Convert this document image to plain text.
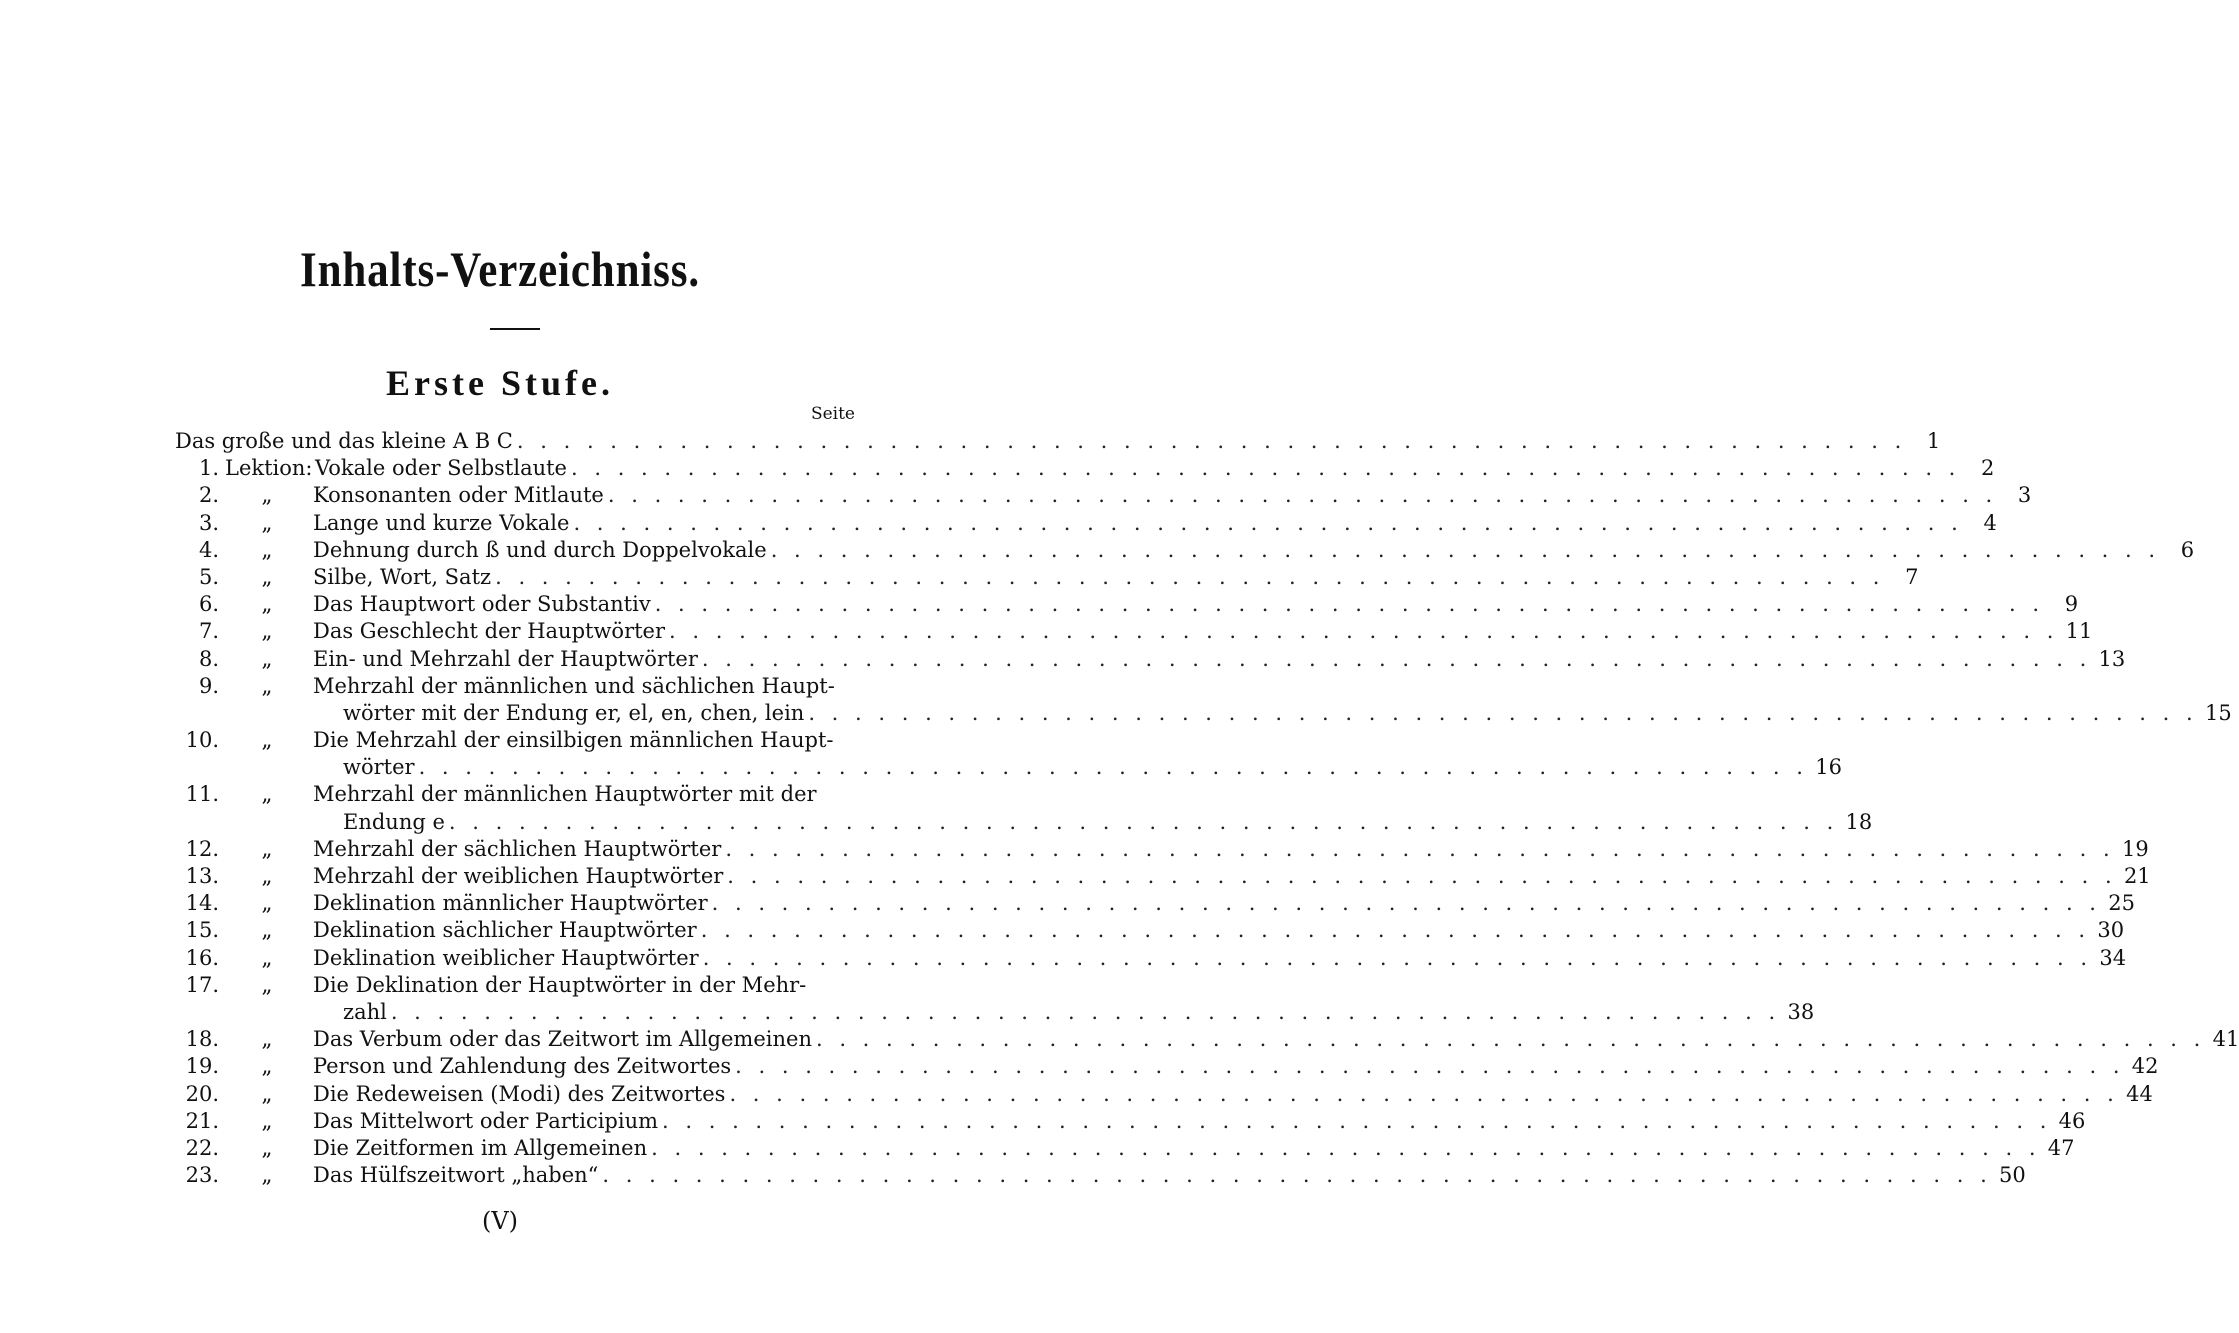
Inhalts-Verzeichniss.
Erste Stufe.
Seite
Das große und das kleine A B C . . . . . . . . . . . . . . . . . . . . . . . . . . . . . . . . . . . . . . . . . . . . . . . . . . . . . . . . . . . . 1
1. Lektion: Vokale oder Selbstlaute . . . . . . . . . . . . . . . . . . . . . . . . . . . . . . . . . . . . . . . . . . . . . . . . . . . . . . . . . . . . 2
2. „ Konsonanten oder Mitlaute . . . . . . . . . . . . . . . . . . . . . . . . . . . . . . . . . . . . . . . . . . . . . . . . . . . . . . . . . . . . 3
3. „ Lange und kurze Vokale . . . . . . . . . . . . . . . . . . . . . . . . . . . . . . . . . . . . . . . . . . . . . . . . . . . . . . . . . . . . 4
4. „ Dehnung durch ß und durch Doppelvokale . . . . . . . . . . . . . . . . . . . . . . . . . . . . . . . . . . . . . . . . . . . . . . . . . . . . . . . . . . . . 6
5. „ Silbe, Wort, Satz . . . . . . . . . . . . . . . . . . . . . . . . . . . . . . . . . . . . . . . . . . . . . . . . . . . . . . . . . . . . 7
6. „ Das Hauptwort oder Substantiv . . . . . . . . . . . . . . . . . . . . . . . . . . . . . . . . . . . . . . . . . . . . . . . . . . . . . . . . . . . . 9
7. „ Das Geschlecht der Hauptwörter . . . . . . . . . . . . . . . . . . . . . . . . . . . . . . . . . . . . . . . . . . . . . . . . . . . . . . . . . . . . 11
8. „ Ein- und Mehrzahl der Hauptwörter . . . . . . . . . . . . . . . . . . . . . . . . . . . . . . . . . . . . . . . . . . . . . . . . . . . . . . . . . . . . 13
9. „ Mehrzahl der männlichen und sächlichen Haupt-
wörter mit der Endung er, el, en, chen, lein . . . . . . . . . . . . . . . . . . . . . . . . . . . . . . . . . . . . . . . . . . . . . . . . . . . . . . . . . . . . 15
10. „ Die Mehrzahl der einsilbigen männlichen Haupt-
wörter . . . . . . . . . . . . . . . . . . . . . . . . . . . . . . . . . . . . . . . . . . . . . . . . . . . . . . . . . . . . 16
11. „ Mehrzahl der männlichen Hauptwörter mit der
Endung e . . . . . . . . . . . . . . . . . . . . . . . . . . . . . . . . . . . . . . . . . . . . . . . . . . . . . . . . . . . . 18
12. „ Mehrzahl der sächlichen Hauptwörter . . . . . . . . . . . . . . . . . . . . . . . . . . . . . . . . . . . . . . . . . . . . . . . . . . . . . . . . . . . . 19
13. „ Mehrzahl der weiblichen Hauptwörter . . . . . . . . . . . . . . . . . . . . . . . . . . . . . . . . . . . . . . . . . . . . . . . . . . . . . . . . . . . . 21
14. „ Deklination männlicher Hauptwörter . . . . . . . . . . . . . . . . . . . . . . . . . . . . . . . . . . . . . . . . . . . . . . . . . . . . . . . . . . . . 25
15. „ Deklination sächlicher Hauptwörter . . . . . . . . . . . . . . . . . . . . . . . . . . . . . . . . . . . . . . . . . . . . . . . . . . . . . . . . . . . . 30
16. „ Deklination weiblicher Hauptwörter . . . . . . . . . . . . . . . . . . . . . . . . . . . . . . . . . . . . . . . . . . . . . . . . . . . . . . . . . . . . 34
17. „ Die Deklination der Hauptwörter in der Mehr-
zahl . . . . . . . . . . . . . . . . . . . . . . . . . . . . . . . . . . . . . . . . . . . . . . . . . . . . . . . . . . . . 38
18. „ Das Verbum oder das Zeitwort im Allgemeinen . . . . . . . . . . . . . . . . . . . . . . . . . . . . . . . . . . . . . . . . . . . . . . . . . . . . . . . . . . . . 41
19. „ Person und Zahlendung des Zeitwortes . . . . . . . . . . . . . . . . . . . . . . . . . . . . . . . . . . . . . . . . . . . . . . . . . . . . . . . . . . . . 42
20. „ Die Redeweisen (Modi) des Zeitwortes . . . . . . . . . . . . . . . . . . . . . . . . . . . . . . . . . . . . . . . . . . . . . . . . . . . . . . . . . . . . 44
21. „ Das Mittelwort oder Participium . . . . . . . . . . . . . . . . . . . . . . . . . . . . . . . . . . . . . . . . . . . . . . . . . . . . . . . . . . . . 46
22. „ Die Zeitformen im Allgemeinen . . . . . . . . . . . . . . . . . . . . . . . . . . . . . . . . . . . . . . . . . . . . . . . . . . . . . . . . . . . . 47
23. „ Das Hülfszeitwort „haben“ . . . . . . . . . . . . . . . . . . . . . . . . . . . . . . . . . . . . . . . . . . . . . . . . . . . . . . . . . . . . 50
(V)
